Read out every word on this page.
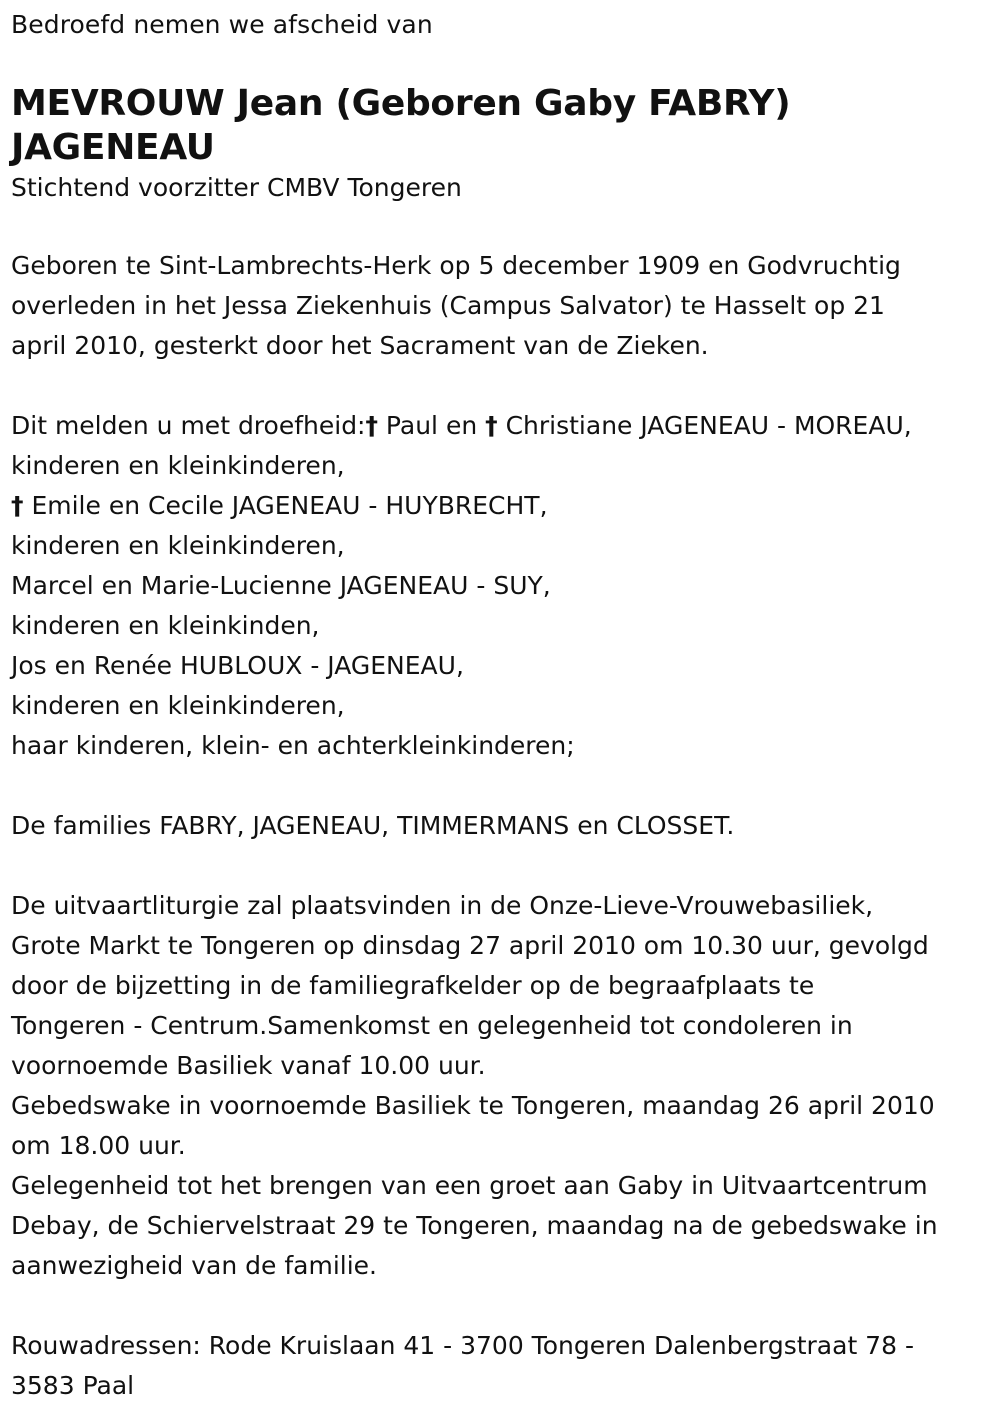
Bedroefd nemen we afscheid van

MEVROUW Jean (Geboren Gaby FABRY) JAGENEAU

Stichtend voorzitter CMBV Tongeren

Geboren te Sint-Lambrechts-Herk op 5 december 1909 en Godvruchtig
overleden in het Jessa Ziekenhuis (Campus Salvator) te Hasselt op 21
april 2010, gesterkt door het Sacrament van de Zieken.
Dit melden u met droefheid:† Paul en † Christiane JAGENEAU - MOREAU,
kinderen en kleinkinderen,
† Emile en Cecile JAGENEAU - HUYBRECHT,
kinderen en kleinkinderen,
Marcel en Marie-Lucienne JAGENEAU - SUY,
kinderen en kleinkinden,
Jos en Renée HUBLOUX - JAGENEAU,
kinderen en kleinkinderen,
haar kinderen, klein- en achterkleinkinderen;
De families FABRY, JAGENEAU, TIMMERMANS en CLOSSET.
De uitvaartliturgie zal plaatsvinden in de Onze-Lieve-Vrouwebasiliek,
Grote Markt te Tongeren op dinsdag 27 april 2010 om 10.30 uur, gevolgd
door de bijzetting in de familiegrafkelder op de begraafplaats te
Tongeren - Centrum.Samenkomst en gelegenheid tot condoleren in
voornoemde Basiliek vanaf 10.00 uur.
Gebedswake in voornoemde Basiliek te Tongeren, maandag 26 april 2010
om 18.00 uur.
Gelegenheid tot het brengen van een groet aan Gaby in Uitvaartcentrum
Debay, de Schiervelstraat 29 te Tongeren, maandag na de gebedswake in
aanwezigheid van de familie.
Rouwadressen: Rode Kruislaan 41 - 3700 Tongeren Dalenbergstraat 78 -
3583 Paal
